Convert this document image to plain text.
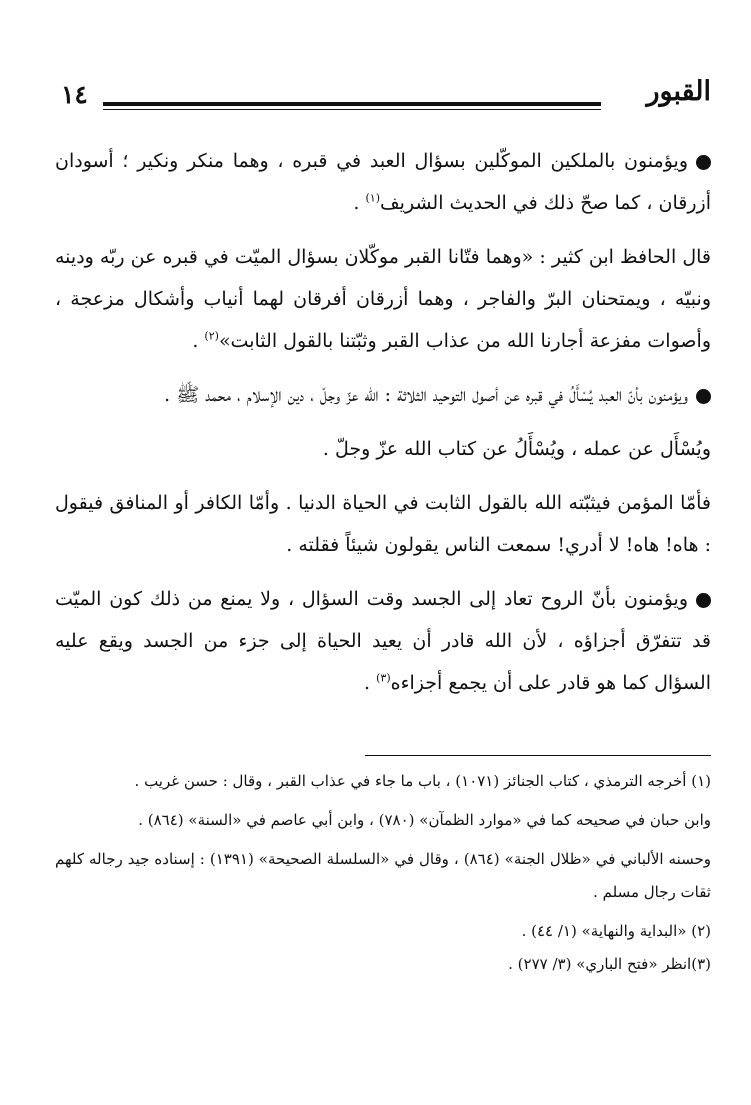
القبور
١٤

ويؤمنون بالملكين الموكّلين بسؤال العبد في قبره ، وهما منكر ونكير ؛ أسودان أزرقان ، كما صحّ ذلك في الحديث الشريف$^{(١)}$ .

قال الحافظ ابن كثير : «وهما فتّانا القبر موكّلان بسؤال الميّت في قبره عن ربّه ودينه ونبيّه ، ويمتحنان البرّ والفاجر ، وهما أزرقان أفرقان لهما أنياب وأشكال مزعجة ، وأصوات مفزعة أجارنا الله من عذاب القبر وثبّتنا بالقول الثابت»$^{(٢)}$ .

ويؤمنون بأنّ العبد يُسْأَلُ في قبره عن أصول التوحيد الثلاثة : الله عزّ وجلّ ، دين الإسلام ، محمد ﷺ .

ويُسْأَل عن عمله ، ويُسْأَلُ عن كتاب الله عزّ وجلّ .

فأمّا المؤمن فيثبّته الله بالقول الثابت في الحياة الدنيا . وأمّا الكافر أو المنافق فيقول : هاه! هاه! لا أدري! سمعت الناس يقولون شيئاً فقلته .

ويؤمنون بأنّ الروح تعاد إلى الجسد وقت السؤال ، ولا يمنع من ذلك كون الميّت قد تتفرّق أجزاؤه ، لأن الله قادر أن يعيد الحياة إلى جزء من الجسد ويقع عليه السؤال كما هو قادر على أن يجمع أجزاءه$^{(٣)}$ .

(١) أخرجه الترمذي ، كتاب الجنائز (١٠٧١) ، باب ما جاء في عذاب القبر ، وقال : حسن غريب .

وابن حبان في صحيحه كما في «موارد الظمآن» (٧٨٠) ، وابن أبي عاصم في «السنة» (٨٦٤) .

وحسنه الألباني في «ظلال الجنة» (٨٦٤) ، وقال في «السلسلة الصحيحة» (١٣٩١) : إسناده جيد رجاله كلهم ثقات رجال مسلم .

(٢) «البداية والنهاية» (١/ ٤٤) .

(٣)انظر «فتح الباري» (٣/ ٢٧٧) .
